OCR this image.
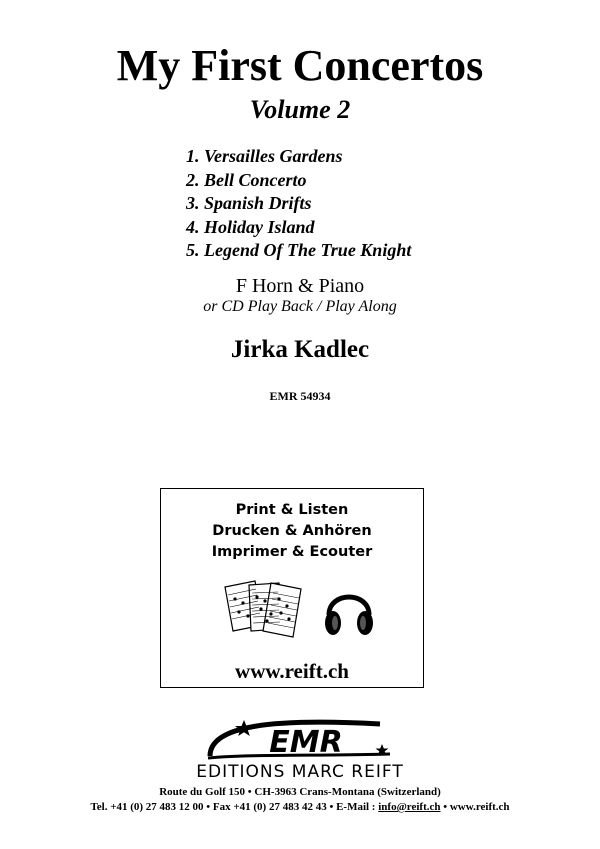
My First Concertos
Volume 2
1. Versailles Gardens
2. Bell Concerto
3. Spanish Drifts
4. Holiday Island
5. Legend Of The True Knight
F Horn & Piano
or CD Play Back / Play Along
Jirka Kadlec
EMR 54934
Print & Listen
Drucken & Anhören
Imprimer & Ecouter
www.reift.ch
EMR
EDITIONS MARC REIFT
Route du Golf 150 • CH-3963 Crans-Montana (Switzerland)
Tel. +41 (0) 27 483 12 00 • Fax +41 (0) 27 483 42 43 • E-Mail : info@reift.ch • www.reift.ch
